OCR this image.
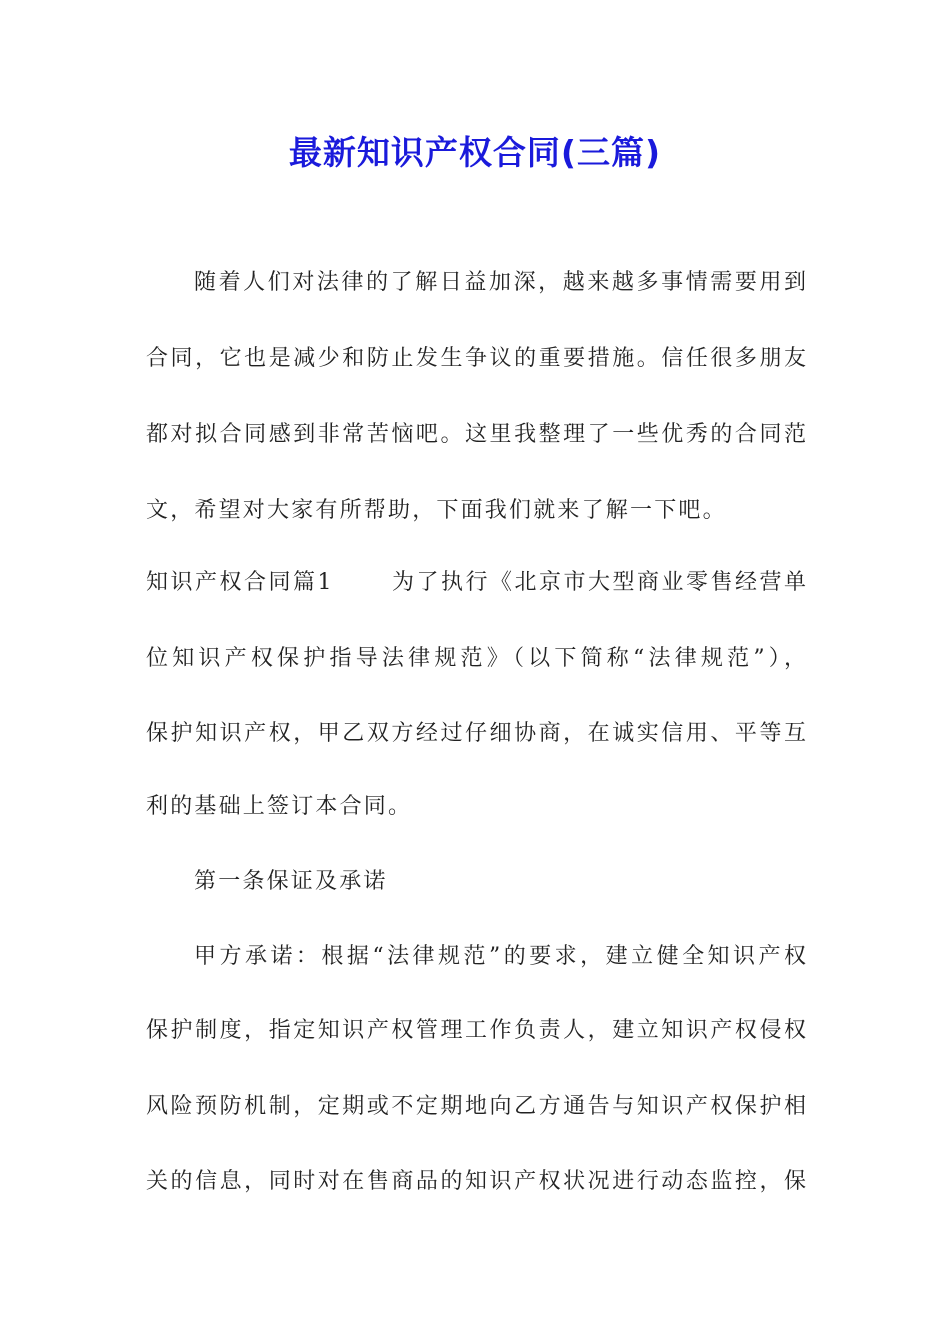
最新知识产权合同(三篇)
随着人们对法律的了解日益加深，越来越多事情需要用到
合同，它也是减少和防止发生争议的重要措施。信任很多朋友
都对拟合同感到非常苦恼吧。这里我整理了一些优秀的合同范
文，希望对大家有所帮助，下面我们就来了解一下吧。
知识产权合同篇1	为了执行《北京市大型商业零售经营单
位知识产权保护指导法律规范》（以下简称“法律规范”），
保护知识产权，甲乙双方经过仔细协商，在诚实信用、平等互
利的基础上签订本合同。
第一条保证及承诺
甲方承诺：根据“法律规范”的要求，建立健全知识产权
保护制度，指定知识产权管理工作负责人，建立知识产权侵权
风险预防机制，定期或不定期地向乙方通告与知识产权保护相
关的信息，同时对在售商品的知识产权状况进行动态监控，保
